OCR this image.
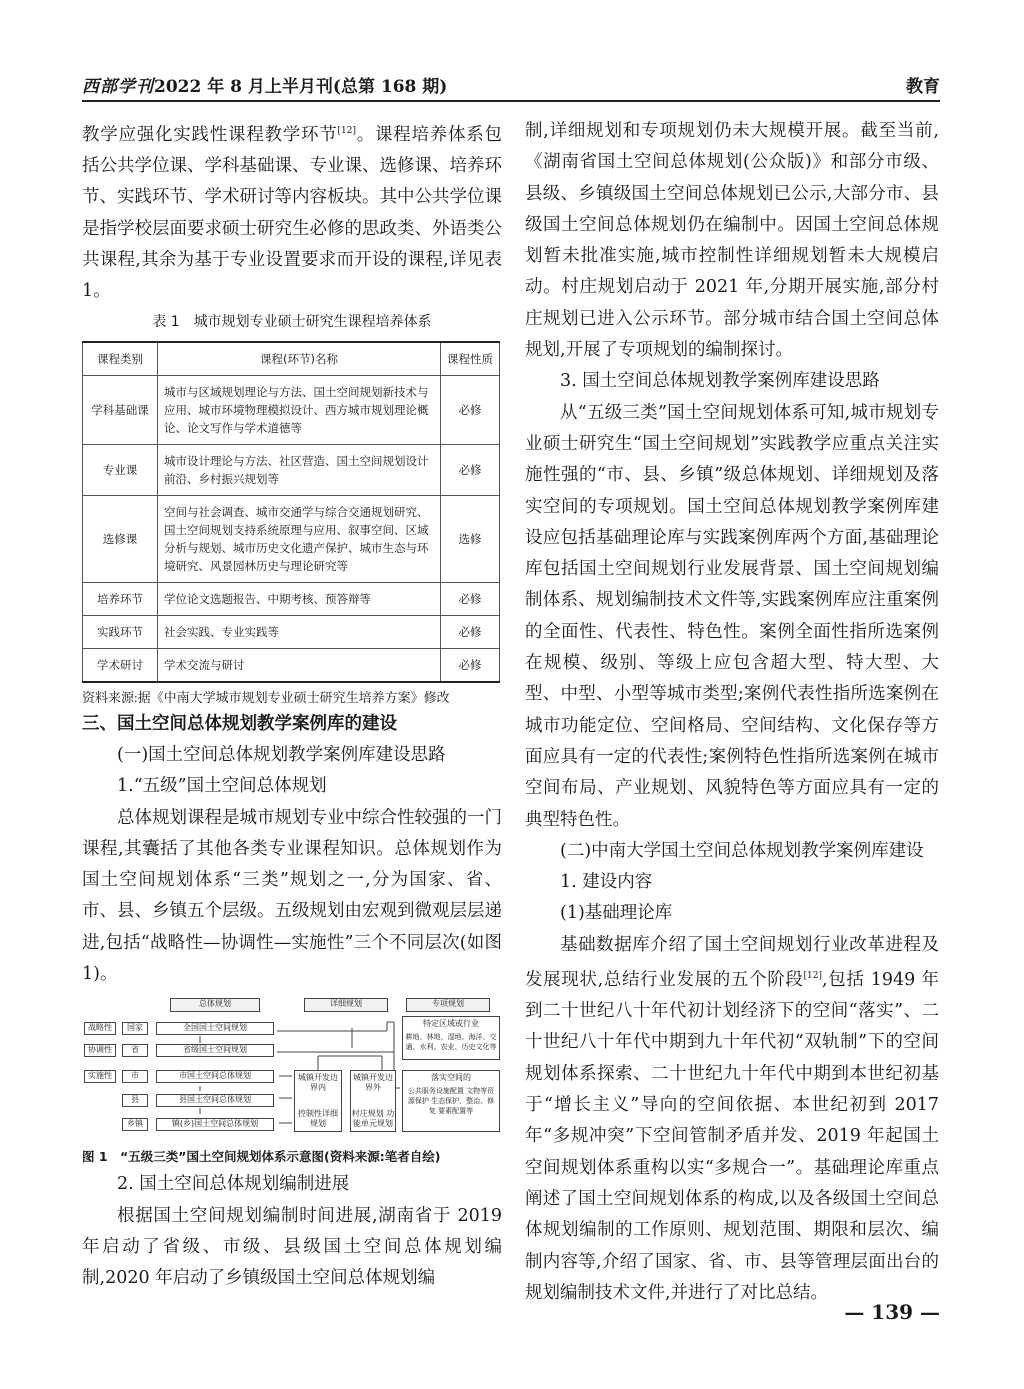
西部学刊 2022 年 8 月上半月刊(总第 168 期)	教育

教学应强化实践性课程教学环节[12]。课程培养体系包括公共学位课、学科基础课、专业课、选修课、培养环节、实践环节、学术研讨等内容板块。其中公共学位课是指学校层面要求硕士研究生必修的思政类、外语类公共课程,其余为基于专业设置要求而开设的课程,详见表 1。

表 1　城市规划专业硕士研究生课程培养体系
课程类别	课程(环节)名称	课程性质
学科基础课	城市与区域规划理论与方法、国土空间规划新技术与应用、城市环境物理模拟设计、西方城市规划理论概论、论文写作与学术道德等	必修
专业课	城市设计理论与方法、社区营造、国土空间规划设计前沿、乡村振兴规划等	必修
选修课	空间与社会调查、城市交通学与综合交通规划研究、国土空间规划支持系统原理与应用、叙事空间、区域分析与规划、城市历史文化遗产保护、城市生态与环境研究、风景园林历史与理论研究等	选修
培养环节	学位论文选题报告、中期考核、预答辩等	必修
实践环节	社会实践、专业实践等	必修
学术研讨	学术交流与研讨	必修
资料来源:据《中南大学城市规划专业硕士研究生培养方案》修改

三、国土空间总体规划教学案例库的建设

(一)国土空间总体规划教学案例库建设思路

1.“五级”国土空间总体规划

总体规划课程是城市规划专业中综合性较强的一门课程,其囊括了其他各类专业课程知识。总体规划作为国土空间规划体系“三类”规划之一,分为国家、省、市、县、乡镇五个层级。五级规划由宏观到微观层层递进,包括“战略性—协调性—实施性”三个不同层次(如图 1)。

总体规划	详细规划	专项规划
战略性
协调性
实施性
国家
省
市
县
乡镇
全国国土空间规划
省级国土空间规划
市国土空间总体规划
县国土空间总体规划
镇(乡)国土空间总体规划
城镇开发边界内
控制性详细规划
城镇开发边界外
村庄规划 功能单元规划
特定区域或行业
耕地、林地、湿地、海洋、交通、水利、农业、历史文化等
落实空间的
公共服务设施配置 文物等资源保护 生态保护、整治、修复 要素配置等
图 1　“五级三类”国土空间规划体系示意图(资料来源:笔者自绘)

2. 国土空间总体规划编制进展

根据国土空间规划编制时间进展,湖南省于 2019 年启动了省级、市级、县级国土空间总体规划编制,2020 年启动了乡镇级国土空间总体规划编

制,详细规划和专项规划仍未大规模开展。截至当前,《湖南省国土空间总体规划(公众版)》和部分市级、县级、乡镇级国土空间总体规划已公示,大部分市、县级国土空间总体规划仍在编制中。因国土空间总体规划暂未批准实施,城市控制性详细规划暂未大规模启动。村庄规划启动于 2021 年,分期开展实施,部分村庄规划已进入公示环节。部分城市结合国土空间总体规划,开展了专项规划的编制探讨。

3. 国土空间总体规划教学案例库建设思路

从“五级三类”国土空间规划体系可知,城市规划专业硕士研究生“国土空间规划”实践教学应重点关注实施性强的“市、县、乡镇”级总体规划、详细规划及落实空间的专项规划。国土空间总体规划教学案例库建设应包括基础理论库与实践案例库两个方面,基础理论库包括国土空间规划行业发展背景、国土空间规划编制体系、规划编制技术文件等,实践案例库应注重案例的全面性、代表性、特色性。案例全面性指所选案例在规模、级别、等级上应包含超大型、特大型、大型、中型、小型等城市类型;案例代表性指所选案例在城市功能定位、空间格局、空间结构、文化保存等方面应具有一定的代表性;案例特色性指所选案例在城市空间布局、产业规划、风貌特色等方面应具有一定的典型特色性。

(二)中南大学国土空间总体规划教学案例库建设

1. 建设内容

(1)基础理论库

基础数据库介绍了国土空间规划行业改革进程及发展现状,总结行业发展的五个阶段[12],包括 1949 年到二十世纪八十年代初计划经济下的空间“落实”、二十世纪八十年代中期到九十年代初“双轨制”下的空间规划体系探索、二十世纪九十年代中期到本世纪初基于“增长主义”导向的空间依据、本世纪初到 2017 年“多规冲突”下空间管制矛盾并发、2019 年起国土空间规划体系重构以实“多规合一”。基础理论库重点阐述了国土空间规划体系的构成,以及各级国土空间总体规划编制的工作原则、规划范围、期限和层次、编制内容等,介绍了国家、省、市、县等管理层面出台的规划编制技术文件,并进行了对比总结。

— 139 —
